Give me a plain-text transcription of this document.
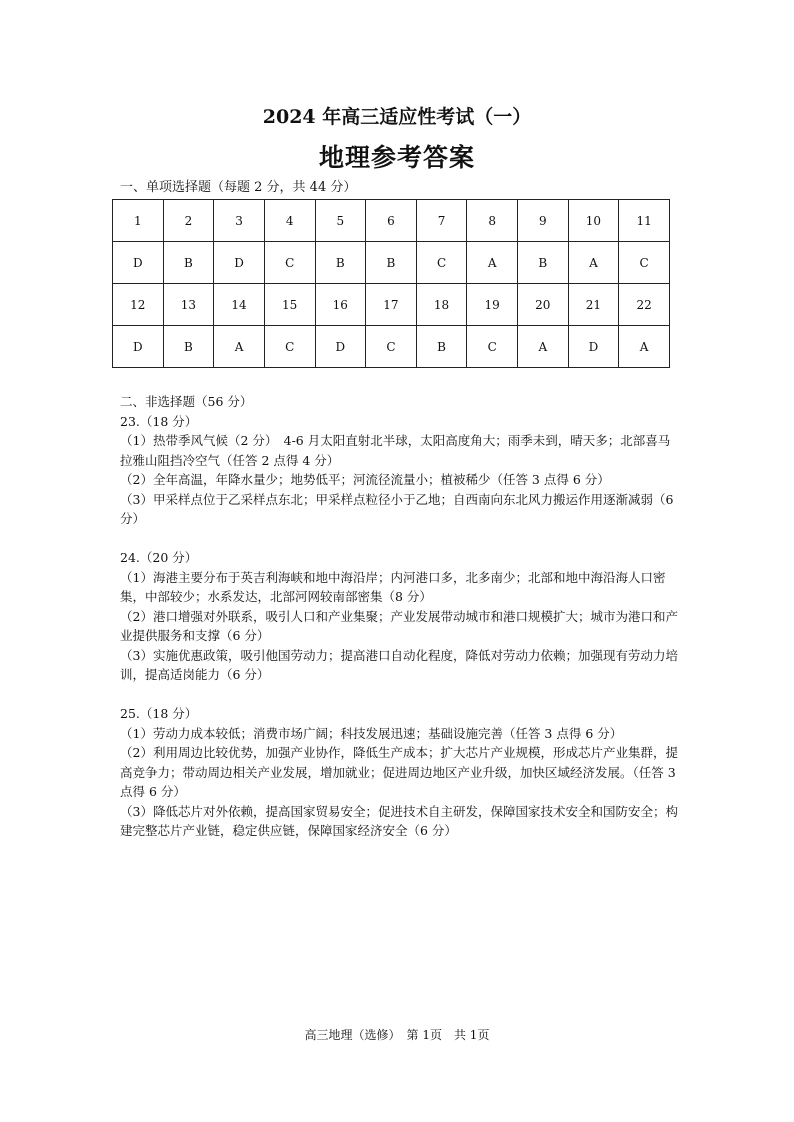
2024 年高三适应性考试（一）
地理参考答案

一、单项选择题（每题 2 分，共 44 分）

1	2	3	4	5	6	7	8	9	10	11
D	B	D	C	B	B	C	A	B	A	C
12	13	14	15	16	17	18	19	20	21	22
D	B	A	C	D	C	B	C	A	D	A

二、非选择题（56 分）

23.（18 分）

（1）热带季风气候（2 分）　4-6 月太阳直射北半球，太阳高度角大；雨季未到，晴天多；北部喜马拉雅山阻挡冷空气（任答 2 点得 4 分）

（2）全年高温，年降水量少；地势低平；河流径流量小；植被稀少（任答 3 点得 6 分）

（3）甲采样点位于乙采样点东北；甲采样点粒径小于乙地；自西南向东北风力搬运作用逐渐减弱（6 分）

24.（20 分）

（1）海港主要分布于英吉利海峡和地中海沿岸；内河港口多，北多南少；北部和地中海沿海人口密集，中部较少；水系发达，北部河网较南部密集（8 分）

（2）港口增强对外联系，吸引人口和产业集聚；产业发展带动城市和港口规模扩大；城市为港口和产业提供服务和支撑（6 分）

（3）实施优惠政策，吸引他国劳动力；提高港口自动化程度，降低对劳动力依赖；加强现有劳动力培训，提高适岗能力（6 分）

25.（18 分）

（1）劳动力成本较低；消费市场广阔；科技发展迅速；基础设施完善（任答 3 点得 6 分）

（2）利用周边比较优势，加强产业协作，降低生产成本；扩大芯片产业规模，形成芯片产业集群，提高竞争力；带动周边相关产业发展，增加就业；促进周边地区产业升级，加快区域经济发展。（任答 3 点得 6 分）

（3）降低芯片对外依赖，提高国家贸易安全；促进技术自主研发，保障国家技术安全和国防安全；构建完整芯片产业链，稳定供应链，保障国家经济安全（6 分）

高三地理（选修）　第 1页　共 1页
